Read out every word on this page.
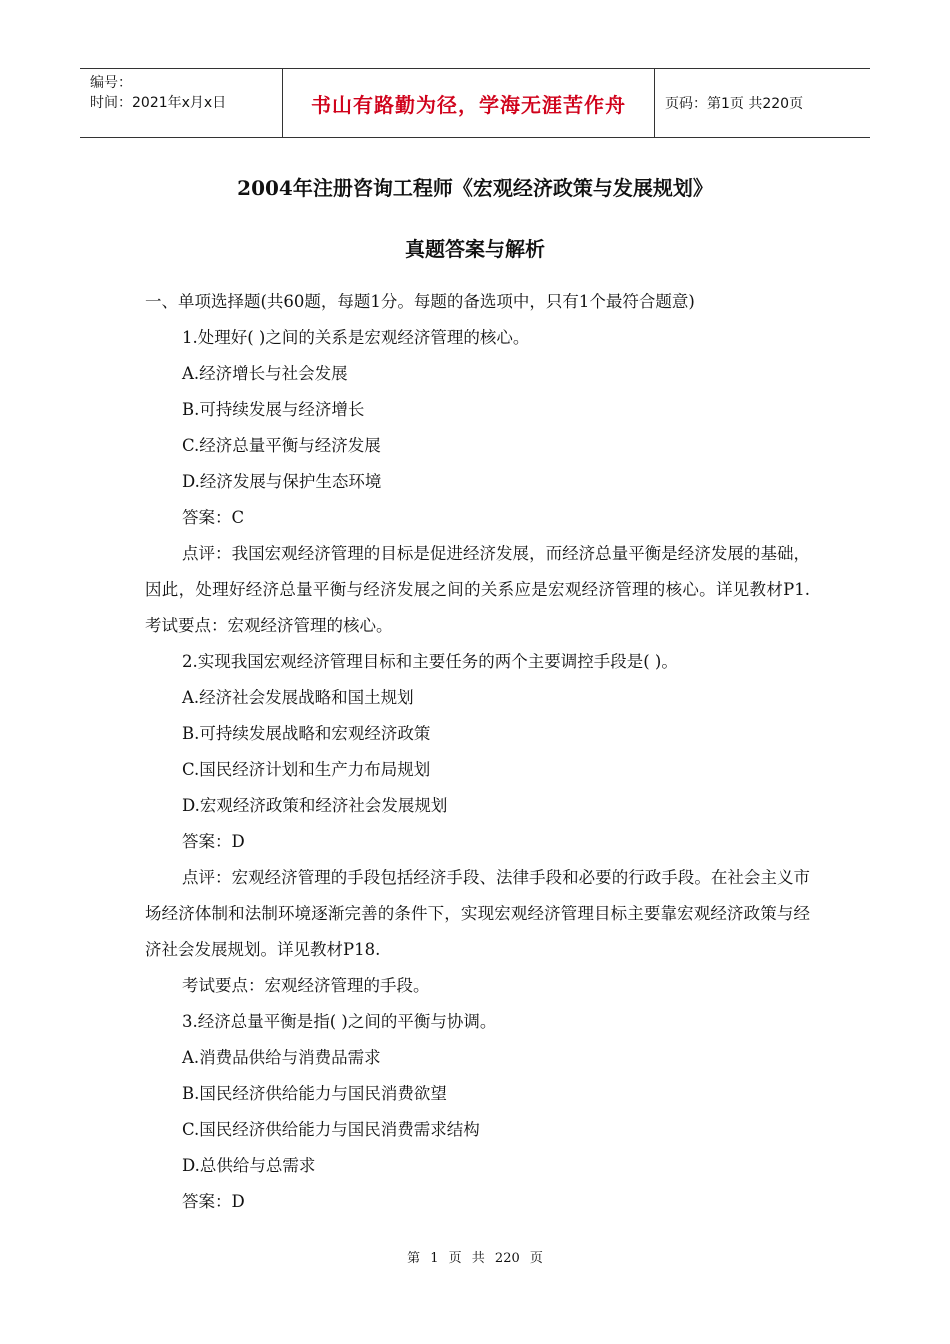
编号：
时间：2021年x月x日	书山有路勤为径，学海无涯苦作舟	页码：第1页 共220页
2004年注册咨询工程师《宏观经济政策与发展规划》
真题答案与解析
一、单项选择题(共60题，每题1分。每题的备选项中，只有1个最符合题意)
1.处理好( )之间的关系是宏观经济管理的核心。
A.经济增长与社会发展
B.可持续发展与经济增长
C.经济总量平衡与经济发展
D.经济发展与保护生态环境
答案：C
点评：我国宏观经济管理的目标是促进经济发展，而经济总量平衡是经济发展的基础，因此，处理好经济总量平衡与经济发展之间的关系应是宏观经济管理的核心。详见教材P1.考试要点：宏观经济管理的核心。
2.实现我国宏观经济管理目标和主要任务的两个主要调控手段是( )。
A.经济社会发展战略和国土规划
B.可持续发展战略和宏观经济政策
C.国民经济计划和生产力布局规划
D.宏观经济政策和经济社会发展规划
答案：D
点评：宏观经济管理的手段包括经济手段、法律手段和必要的行政手段。在社会主义市场经济体制和法制环境逐渐完善的条件下，实现宏观经济管理目标主要靠宏观经济政策与经济社会发展规划。详见教材P18.
考试要点：宏观经济管理的手段。
3.经济总量平衡是指( )之间的平衡与协调。
A.消费品供给与消费品需求
B.国民经济供给能力与国民消费欲望
C.国民经济供给能力与国民消费需求结构
D.总供给与总需求
答案：D
第 1 页 共 220 页
